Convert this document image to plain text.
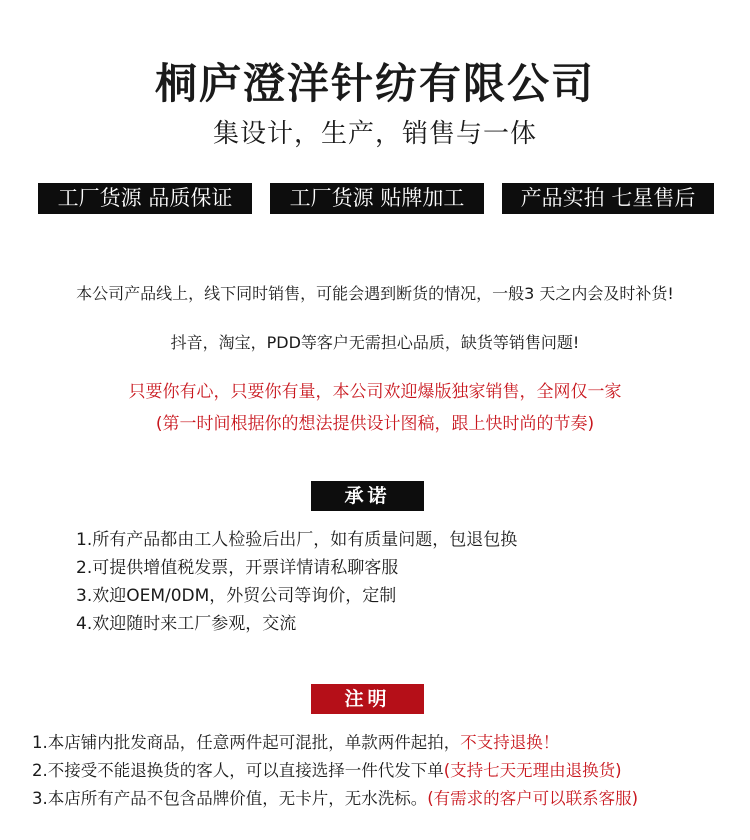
桐庐澄洋针纺有限公司
集设计，生产，销售与一体
工厂货源 品质保证	工厂货源 贴牌加工	产品实拍 七星售后
本公司产品线上，线下同时销售，可能会遇到断货的情况，一般3 天之内会及时补货!
抖音，淘宝，PDD等客户无需担心品质，缺货等销售问题!
只要你有心，只要你有量，本公司欢迎爆版独家销售，全网仅一家
(第一时间根据你的想法提供设计图稿，跟上快时尚的节奏)
承诺
1.所有产品都由工人检验后出厂，如有质量问题，包退包换
2.可提供增值税发票，开票详情请私聊客服
3.欢迎OEM/0DM，外贸公司等询价，定制
4.欢迎随时来工厂参观，交流
注明
1.本店铺内批发商品，任意两件起可混批，单款两件起拍，不支持退换！
2.不接受不能退换货的客人，可以直接选择一件代发下单(支持七天无理由退换货)
3.本店所有产品不包含品牌价值，无卡片，无水洗标。(有需求的客户可以联系客服)
